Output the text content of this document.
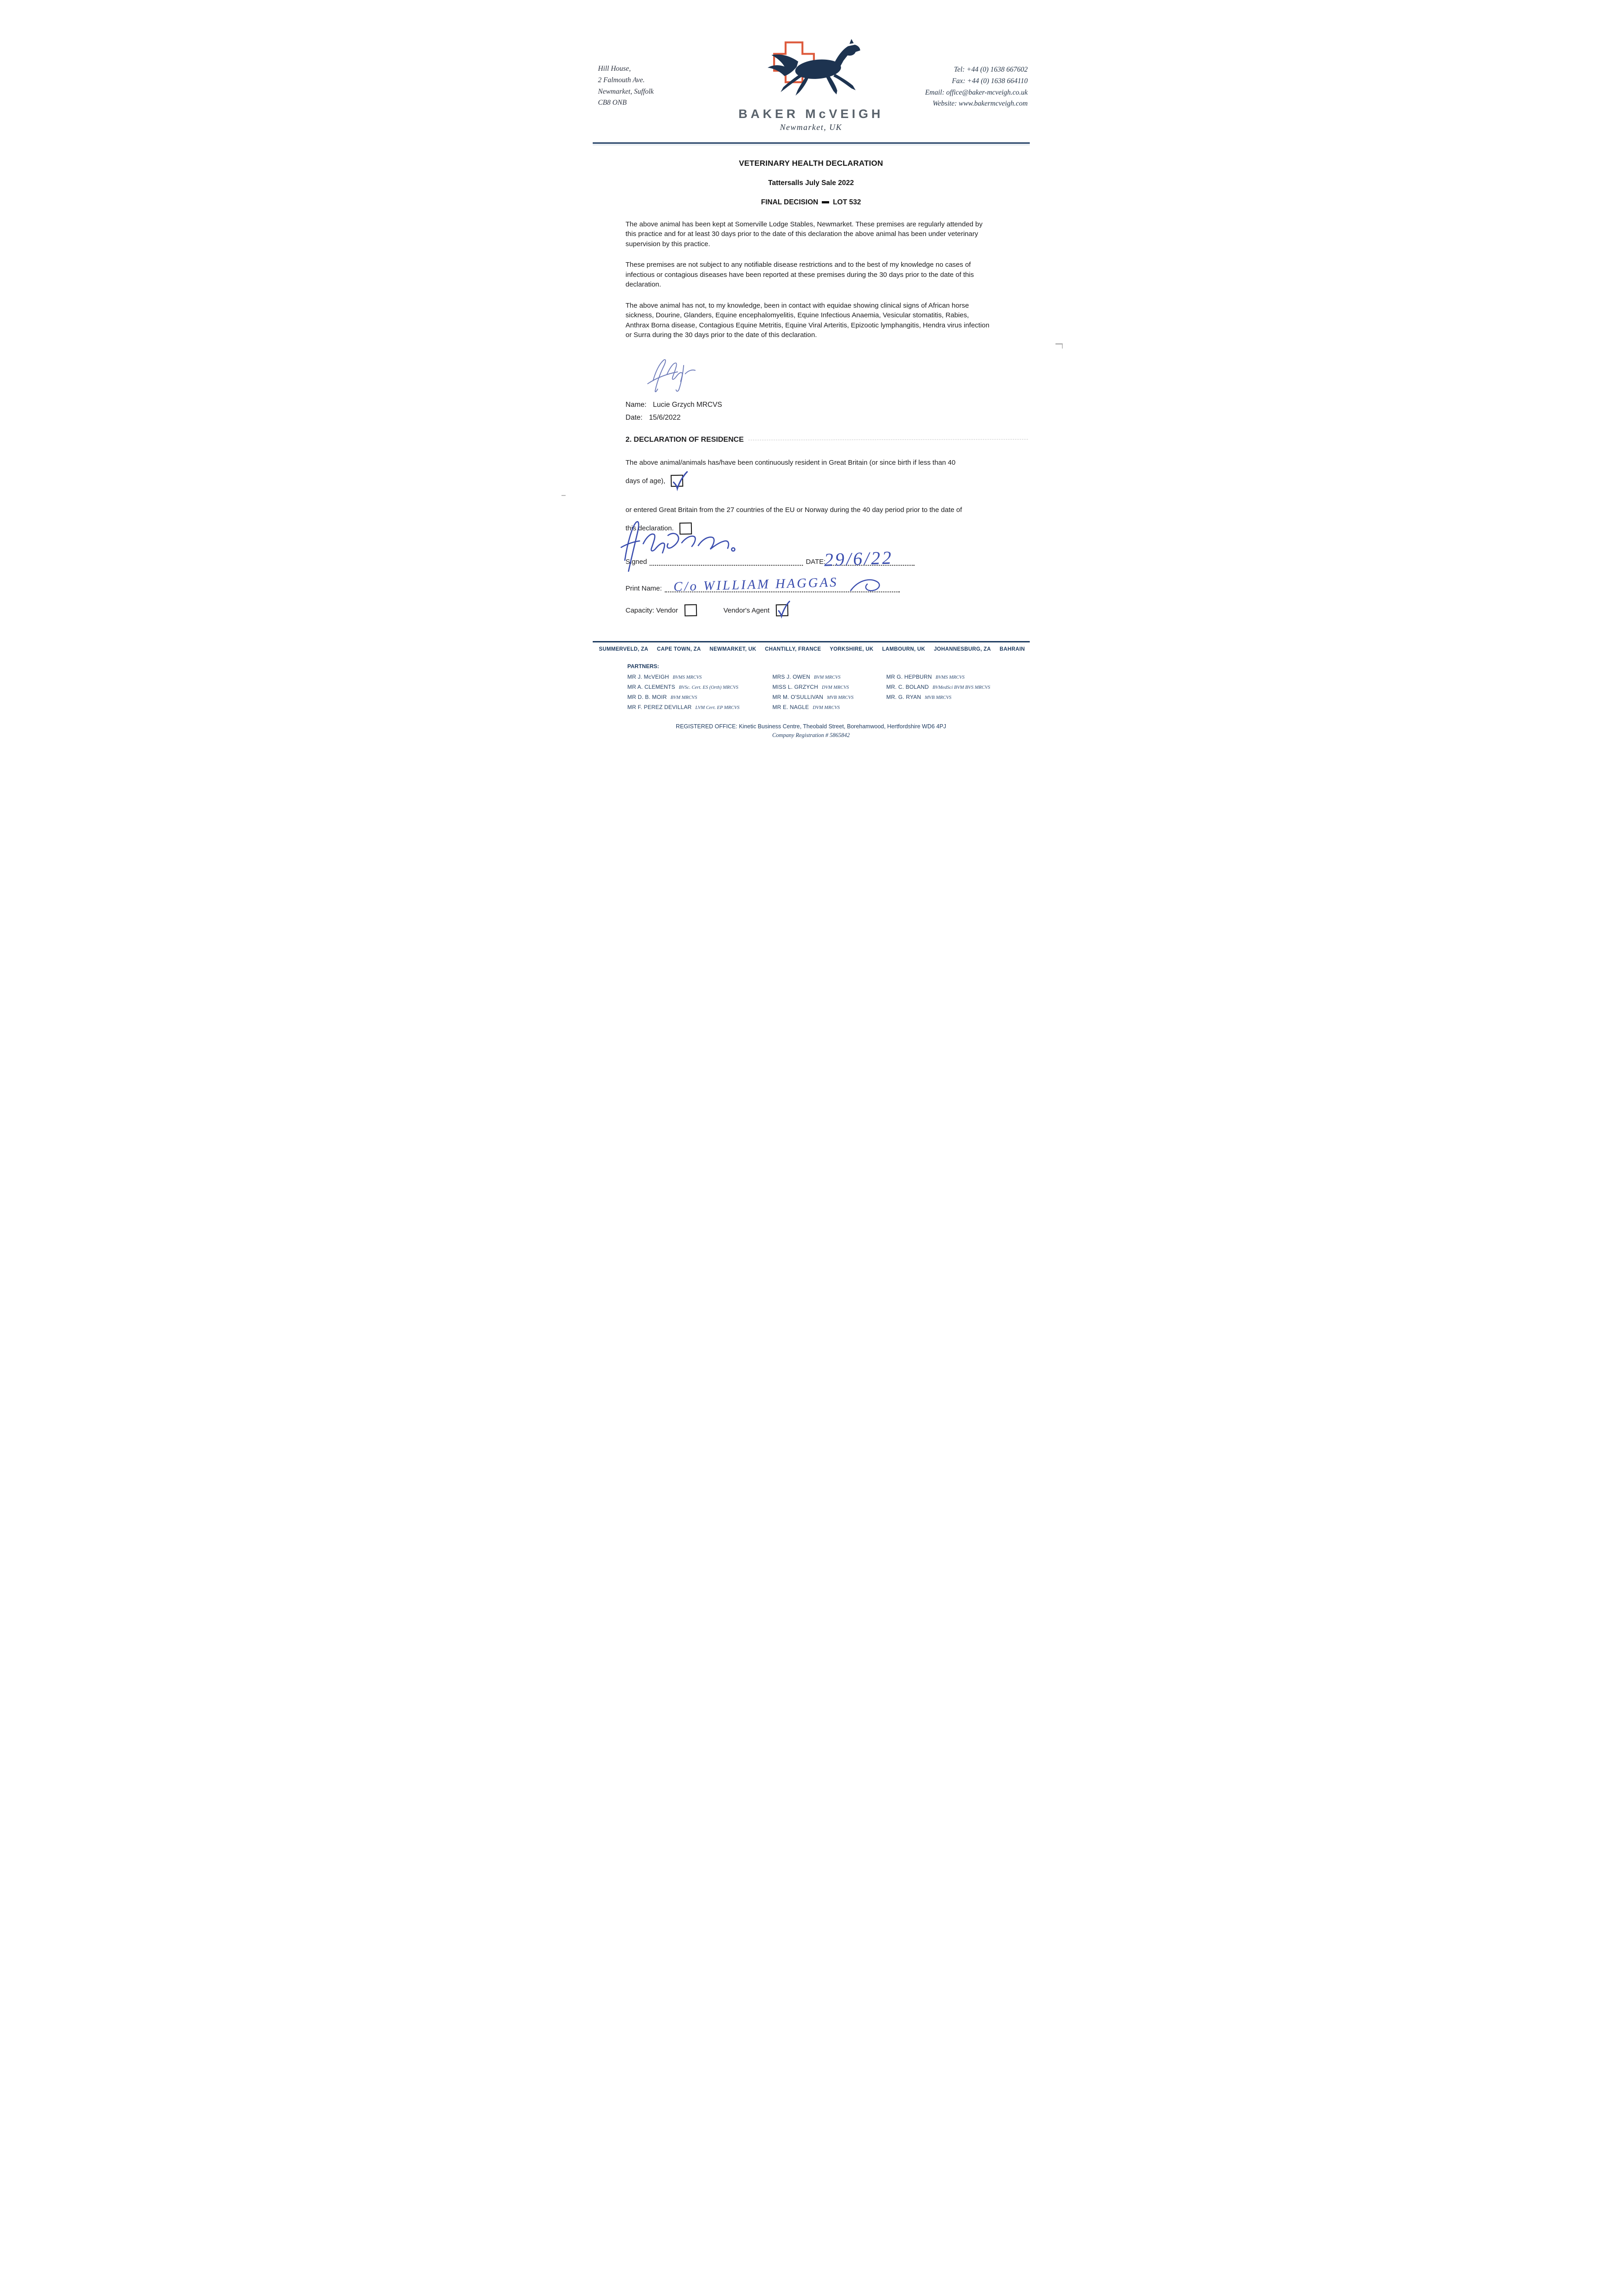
Hill House,
2 Falmouth Ave.
Newmarket, Suffolk
CB8 ONB
BAKER McVEIGH
Newmarket, UK
Tel: +44 (0) 1638 667602
Fax: +44 (0) 1638 664110
Email: office@baker-mcveigh.co.uk
Website: www.bakermcveigh.com
VETERINARY HEALTH DECLARATION
Tattersalls July Sale 2022
FINAL DECISION LOT 532

The above animal has been kept at Somerville Lodge Stables, Newmarket. These premises are regularly attended by this practice and for at least 30 days prior to the date of this declaration the above animal has been under veterinary supervision by this practice.

These premises are not subject to any notifiable disease restrictions and to the best of my knowledge no cases of infectious or contagious diseases have been reported at these premises during the 30 days prior to the date of this declaration.

The above animal has not, to my knowledge, been in contact with equidae showing clinical signs of African horse sickness, Dourine, Glanders, Equine encephalomyelitis, Equine Infectious Anaemia, Vesicular stomatitis, Rabies, Anthrax Borna disease, Contagious Equine Metritis, Equine Viral Arteritis, Epizootic lymphangitis, Hendra virus infection or Surra during the 30 days prior to the date of this declaration.

Name: Lucie Grzych MRCVS
Date: 15/6/2022
2. DECLARATION OF RESIDENCE
The above animal/animals has/have been continuously resident in Great Britain (or since birth if less than 40
days of age),
or entered Great Britain from the 27 countries of the EU or Norway during the 40 day period prior to the date of
this declaration.
Signed	DATE:
29/6/22
Print Name: C/o WILLIAM HAGGAS
Capacity: Vendor	Vendor's Agent
SUMMERVELD, ZA CAPE TOWN, ZA NEWMARKET, UK CHANTILLY, FRANCE YORKSHIRE, UK LAMBOURN, UK JOHANNESBURG, ZA BAHRAIN
PARTNERS:
MR J. McVEIGH BVMS MRCVS
MR A. CLEMENTS BVSc. Cert. ES (Orth) MRCVS
MR D. B. MOIR BVM MRCVS
MR F. PEREZ DEVILLAR LVM Cert. EP MRCVS
MRS J. OWEN BVM MRCVS
MISS L. GRZYCH DVM MRCVS
MR M. O'SULLIVAN MVB MRCVS
MR E. NAGLE DVM MRCVS
MR G. HEPBURN BVMS MRCVS
MR. C. BOLAND BVMedSci BVM BVS MRCVS
MR. G. RYAN MVB MRCVS
REGISTERED OFFICE: Kinetic Business Centre, Theobald Street, Borehamwood, Hertfordshire WD6 4PJ
Company Registration # 5865842
